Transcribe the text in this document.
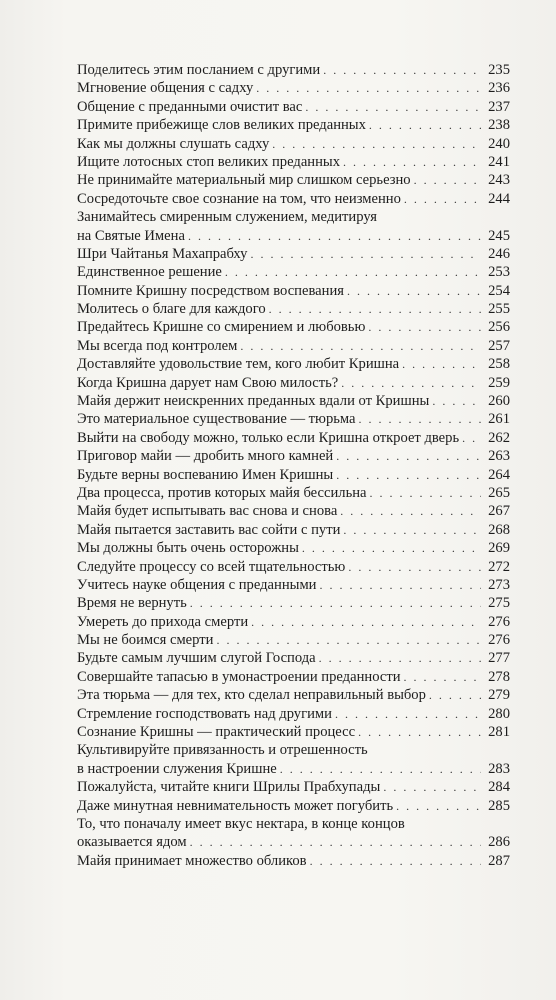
Поделитесь этим посланием с другими . . .	235
Мгновение общения с садху . . .	236
Общение с преданными очистит вас . . .	237
Примите прибежище слов великих преданных . . .	238
Как мы должны слушать садху . . .	240
Ищите лотосных стоп великих преданных . . .	241
Не принимайте материальный мир слишком серьезно . . .	243
Сосредоточьте свое сознание на том, что неизменно . . .	244
Занимайтесь смиренным служением, медитируя
на Святые Имена . . .	245
Шри Чайтанья Махапрабху . . .	246
Единственное решение . . .	253
Помните Кришну посредством воспевания . . .	254
Молитесь о благе для каждого . . .	255
Предайтесь Кришне со смирением и любовью . . .	256
Мы всегда под контролем . . .	257
Доставляйте удовольствие тем, кого любит Кришна . . .	258
Когда Кришна дарует нам Свою милость? . . .	259
Майя держит неискренних преданных вдали от Кришны . . .	260
Это материальное существование — тюрьма . . .	261
Выйти на свободу можно, только если Кришна откроет дверь . . . 262
Приговор майи — дробить много камней . . .	263
Будьте верны воспеванию Имен Кришны . . .	264
Два процесса, против которых майя бессильна . . .	265
Майя будет испытывать вас снова и снова . . .	267
Майя пытается заставить вас сойти с пути . . .	268
Мы должны быть очень осторожны . . .	269
Следуйте процессу со всей тщательностью . . .	272
Учитесь науке общения с преданными . . .	273
Время не вернуть . . .	275
Умереть до прихода смерти . . .	276
Мы не боимся смерти . . .	276
Будьте самым лучшим слугой Господа . . .	277
Совершайте тапасью в умонастроении преданности . . .	278
Эта тюрьма — для тех, кто сделал неправильный выбор . . .	279
Стремление господствовать над другими . . .	280
Сознание Кришны — практический процесс . . .	281
Культивируйте привязанность и отрешенность
в настроении служения Кришне . . .	283
Пожалуйста, читайте книги Шрилы Прабхупады . . .	284
Даже минутная невнимательность может погубить . . .	285
То, что поначалу имеет вкус нектара, в конце концов
оказывается ядом . . .	286
Майя принимает множество обликов . . .	287
